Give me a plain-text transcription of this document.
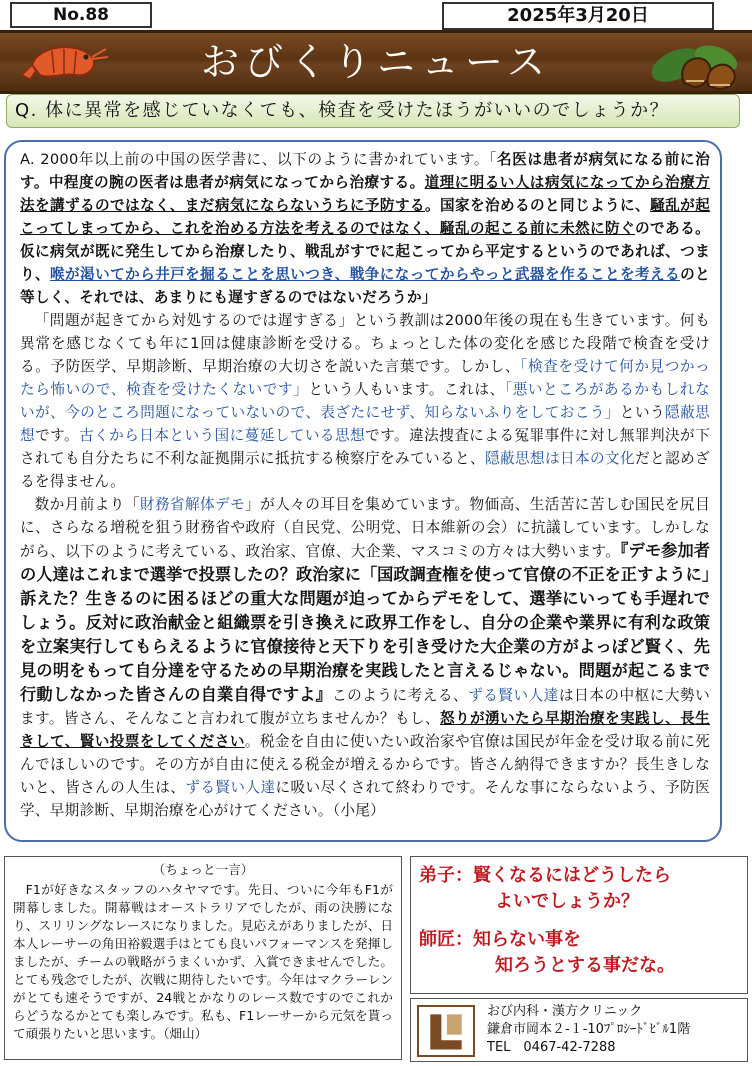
No.88	2025年3月20日
おびくりニュース
Q. 体に異常を感じていなくても、検査を受けたほうがいいのでしょうか？

A. 2000年以上前の中国の医学書に、以下のように書かれています。「名医は患者が病気になる前に治す。中程度の腕の医者は患者が病気になってから治療する。道理に明るい人は病気になってから治療方法を講ずるのではなく、まだ病気にならないうちに予防する。国家を治めるのと同じように、騒乱が起こってしまってから、これを治める方法を考えるのではなく、騒乱の起こる前に未然に防ぐのである。仮に病気が既に発生してから治療したり、戦乱がすでに起こってから平定するというのであれば、つまり、喉が渇いてから井戸を掘ることを思いつき、戦争になってからやっと武器を作ることを考えるのと等しく、それでは、あまりにも遅すぎるのではないだろうか」

「問題が起きてから対処するのでは遅すぎる」という教訓は2000年後の現在も生きています。何も異常を感じなくても年に1回は健康診断を受ける。ちょっとした体の変化を感じた段階で検査を受ける。予防医学、早期診断、早期治療の大切さを説いた言葉です。しかし、「検査を受けて何か見つかったら怖いので、検査を受けたくないです」という人もいます。これは、「悪いところがあるかもしれないが、今のところ問題になっていないので、表ざたにせず、知らないふりをしておこう」という隠蔽思想です。古くから日本という国に蔓延している思想です。違法捜査による冤罪事件に対し無罪判決が下されても自分たちに不利な証拠開示に抵抗する検察庁をみていると、隠蔽思想は日本の文化だと認めざるを得ません。

数か月前より「財務省解体デモ」が人々の耳目を集めています。物価高、生活苦に苦しむ国民を尻目に、さらなる増税を狙う財務省や政府（自民党、公明党、日本維新の会）に抗議しています。しかしながら、以下のように考えている、政治家、官僚、大企業、マスコミの方々は大勢います。『デモ参加者の人達はこれまで選挙で投票したの？政治家に「国政調査権を使って官僚の不正を正すように」訴えた？生きるのに困るほどの重大な問題が迫ってからデモをして、選挙にいっても手遅れでしょう。反対に政治献金と組織票を引き換えに政界工作をし、自分の企業や業界に有利な政策を立案実行してもらえるように官僚接待と天下りを引き受けた大企業の方がよっぽど賢く、先見の明をもって自分達を守るための早期治療を実践したと言えるじゃない。問題が起こるまで行動しなかった皆さんの自業自得ですよ』このように考える、ずる賢い人達は日本の中枢に大勢います。皆さん、そんなこと言われて腹が立ちませんか？もし、怒りが湧いたら早期治療を実践し、長生きして、賢い投票をしてください。税金を自由に使いたい政治家や官僚は国民が年金を受け取る前に死んでほしいのです。その方が自由に使える税金が増えるからです。皆さん納得できますか？長生きしないと、皆さんの人生は、ずる賢い人達に吸い尽くされて終わりです。そんな事にならないよう、予防医学、早期診断、早期治療を心がけてください。（小尾）

（ちょっと一言）
F1が好きなスタッフのハタヤマです。先日、ついに今年もF1が開幕しました。開幕戦はオーストラリアでしたが、雨の決勝になり、スリリングなレースになりました。見応えがありましたが、日本人レーサーの角田裕毅選手はとても良いパフォーマンスを発揮しましたが、チームの戦略がうまくいかず、入賞できませんでした。とても残念でしたが、次戦に期待したいです。今年はマクラーレンがとても速そうですが、24戦とかなりのレース数ですのでこれからどうなるかとても楽しみです。私も、F1レーサーから元気を貰って頑張りたいと思います。（畑山）
弟子：賢くなるにはどうしたら
よいでしょうか？
師匠：知らない事を
知ろうとする事だな。
おび内科・漢方クリニック
鎌倉市岡本２-１-10ﾌﾟﾛｼｰﾄﾞﾋﾞﾙ1階
TEL　0467-42-7288
